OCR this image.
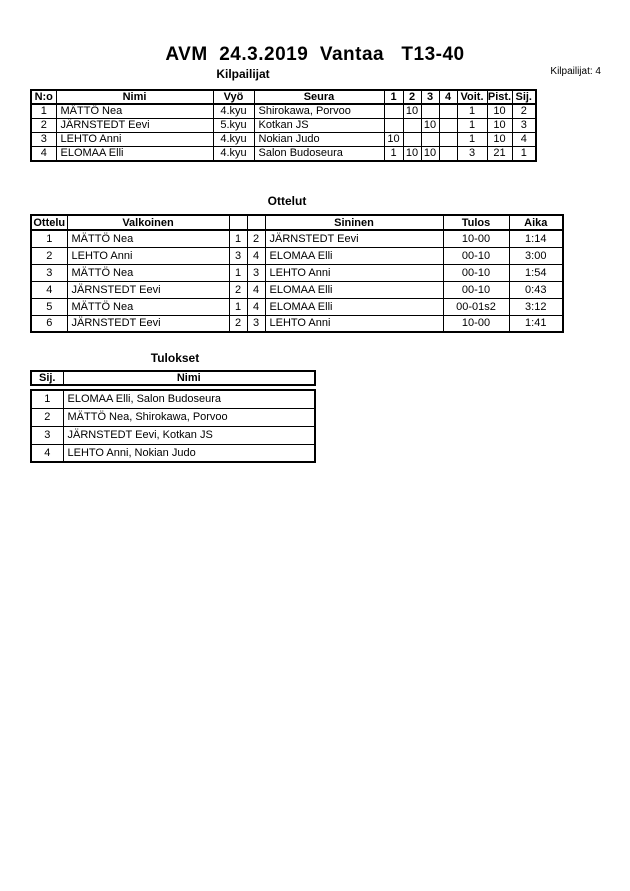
AVM  24.3.2019  Vantaa   T13-40
Kilpailijat: 4
Kilpailijat
N:o	Nimi	Vyö	Seura	1	2	3	4	Voit.	Pist.	Sij.
1	MÄTTÖ Nea	4.kyu	Shirokawa, Porvoo		10			1	10	2
2	JÄRNSTEDT Eevi	5.kyu	Kotkan JS			10		1	10	3
3	LEHTO Anni	4.kyu	Nokian Judo	10				1	10	4
4	ELOMAA Elli	4.kyu	Salon Budoseura	1	10	10		3	21	1
Ottelut
Ottelu	Valkoinen			Sininen	Tulos	Aika
1	MÄTTÖ Nea	1	2	JÄRNSTEDT Eevi	10-00	1:14
2	LEHTO Anni	3	4	ELOMAA Elli	00-10	3:00
3	MÄTTÖ Nea	1	3	LEHTO Anni	00-10	1:54
4	JÄRNSTEDT Eevi	2	4	ELOMAA Elli	00-10	0:43
5	MÄTTÖ Nea	1	4	ELOMAA Elli	00-01s2	3:12
6	JÄRNSTEDT Eevi	2	3	LEHTO Anni	10-00	1:41
Tulokset
Sij.	Nimi
1	ELOMAA Elli, Salon Budoseura
2	MÄTTÖ Nea, Shirokawa, Porvoo
3	JÄRNSTEDT Eevi, Kotkan JS
4	LEHTO Anni, Nokian Judo
